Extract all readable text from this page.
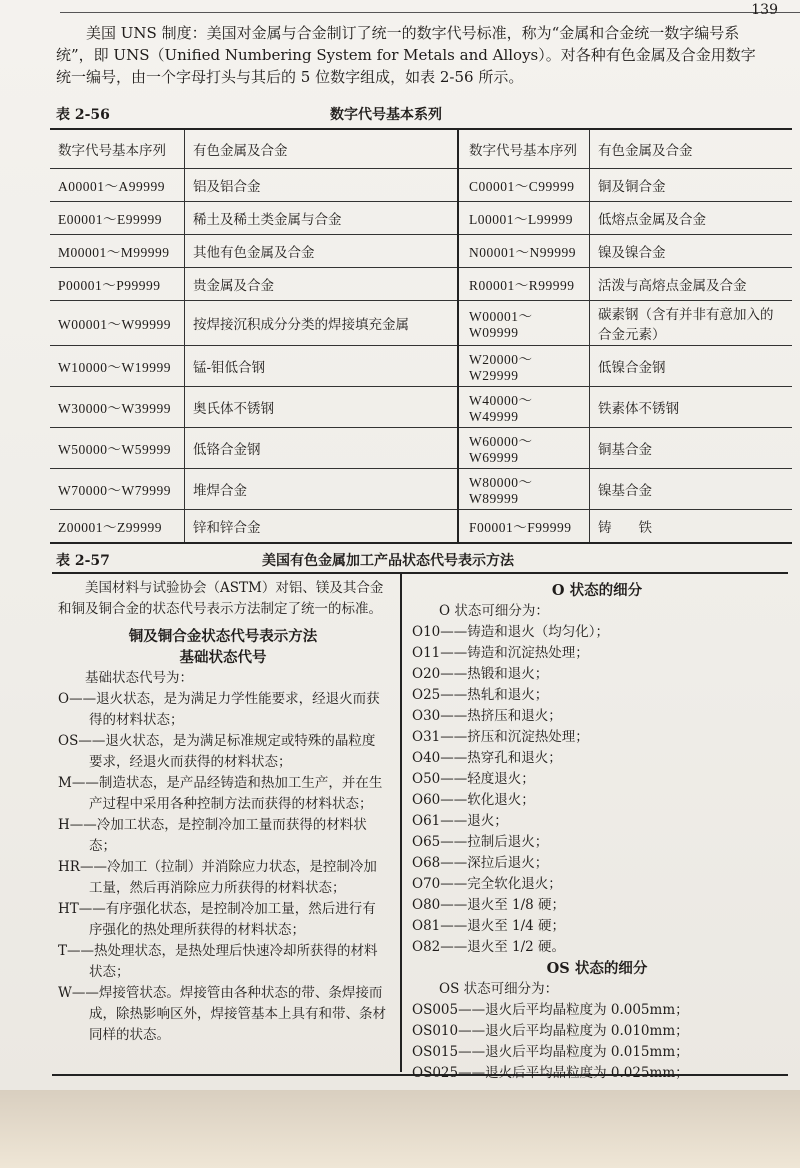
139
美国 UNS 制度：美国对金属与合金制订了统一的数字代号标准，称为“金属和合金统一数字编号系统”，即 UNS（Unified Numbering System for Metals and Alloys）。对各种有色金属及合金用数字统一编号，由一个字母打头与其后的 5 位数字组成，如表 2-56 所示。
表 2-56	数字代号基本系列
数字代号基本序列	有色金属及合金	数字代号基本序列	有色金属及合金
A00001～A99999	铝及铝合金	C00001～C99999	铜及铜合金
E00001～E99999	稀土及稀土类金属与合金	L00001～L99999	低熔点金属及合金
M00001～M99999	其他有色金属及合金	N00001～N99999	镍及镍合金
P00001～P99999	贵金属及合金	R00001～R99999	活泼与高熔点金属及合金
W00001～W99999	按焊接沉积成分分类的焊接填充金属	W00001～W09999	碳素钢（含有并非有意加入的合金元素）
W10000～W19999	锰-钼低合钢	W20000～W29999	低镍合金钢
W30000～W39999	奥氏体不锈钢	W40000～W49999	铁素体不锈钢
W50000～W59999	低铬合金钢	W60000～W69999	铜基合金
W70000～W79999	堆焊合金	W80000～W89999	镍基合金
Z00001～Z99999	锌和锌合金	F00001～F99999	铸　　铁
表 2-57	美国有色金属加工产品状态代号表示方法
美国材料与试验协会（ASTM）对铝、镁及其合金和铜及铜合金的状态代号表示方法制定了统一的标准。
铜及铜合金状态代号表示方法
基础状态代号
基础状态代号为：
O——退火状态，是为满足力学性能要求，经退火而获得的材料状态；
OS——退火状态，是为满足标准规定或特殊的晶粒度要求，经退火而获得的材料状态；
M——制造状态，是产品经铸造和热加工生产，并在生产过程中采用各种控制方法而获得的材料状态；
H——冷加工状态，是控制冷加工量而获得的材料状态；
HR——冷加工（拉制）并消除应力状态，是控制冷加工量，然后再消除应力所获得的材料状态；
HT——有序强化状态，是控制冷加工量，然后进行有序强化的热处理所获得的材料状态；
T——热处理状态，是热处理后快速冷却所获得的材料状态；
W——焊接管状态。焊接管由各种状态的带、条焊接而成，除热影响区外，焊接管基本上具有和带、条材同样的状态。
O 状态的细分
O 状态可细分为：
O10——铸造和退火（均匀化）；
O11——铸造和沉淀热处理；
O20——热锻和退火；
O25——热轧和退火；
O30——热挤压和退火；
O31——挤压和沉淀热处理；
O40——热穿孔和退火；
O50——轻度退火；
O60——软化退火；
O61——退火；
O65——拉制后退火；
O68——深拉后退火；
O70——完全软化退火；
O80——退火至 1/8 硬；
O81——退火至 1/4 硬；
O82——退火至 1/2 硬。
OS 状态的细分
OS 状态可细分为：
OS005——退火后平均晶粒度为 0.005mm；
OS010——退火后平均晶粒度为 0.010mm；
OS015——退火后平均晶粒度为 0.015mm；
OS025——退火后平均晶粒度为 0.025mm；
